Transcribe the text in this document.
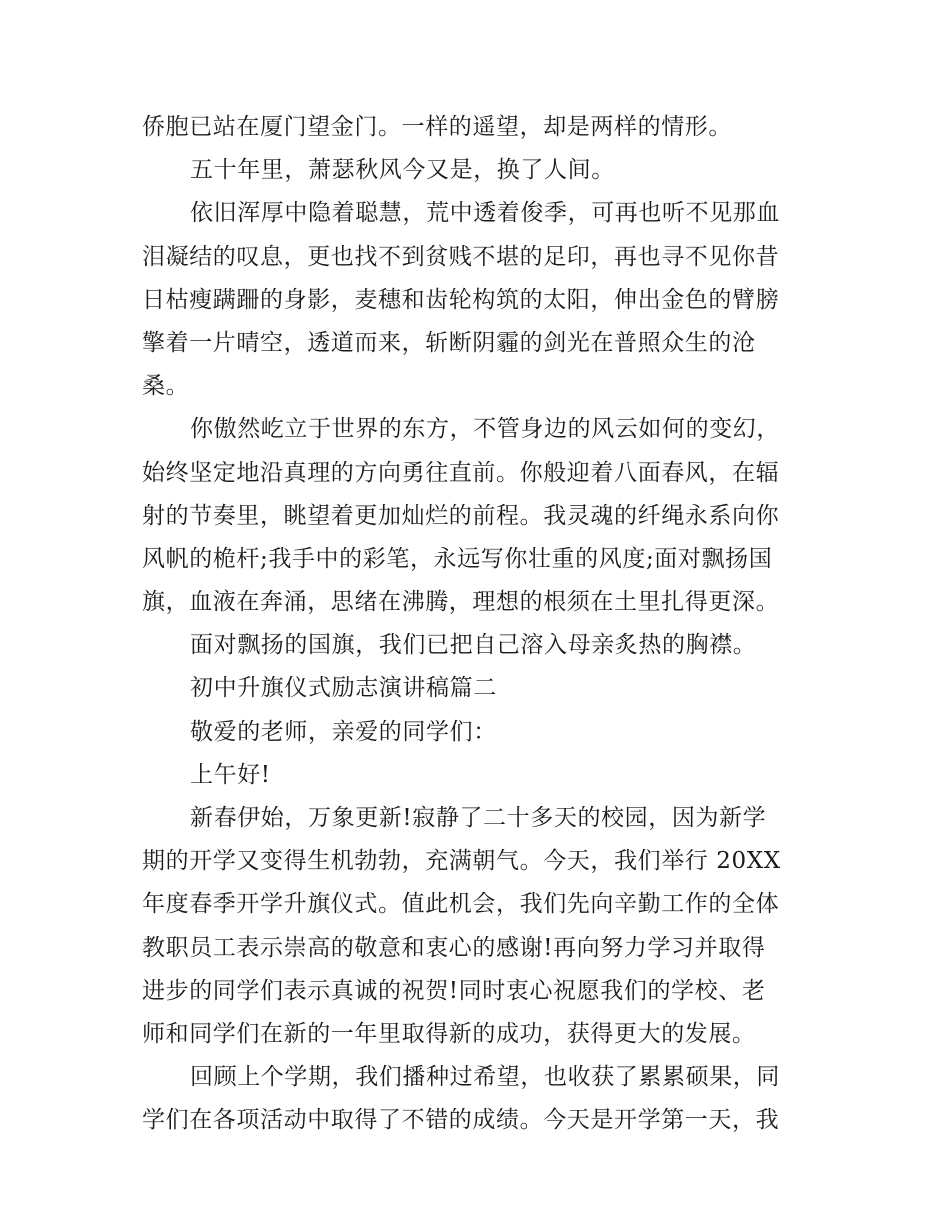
侨胞已站在厦门望金门。一样的遥望，却是两样的情形。
五十年里，萧瑟秋风今又是，换了人间。
依旧浑厚中隐着聪慧，荒中透着俊季，可再也听不见那血
泪凝结的叹息，更也找不到贫贱不堪的足印，再也寻不见你昔
日枯瘦蹒跚的身影，麦穗和齿轮构筑的太阳，伸出金色的臂膀
擎着一片晴空，透道而来，斩断阴霾的剑光在普照众生的沧
桑。
你傲然屹立于世界的东方，不管身边的风云如何的变幻，
始终坚定地沿真理的方向勇往直前。你般迎着八面春风，在辐
射的节奏里，眺望着更加灿烂的前程。我灵魂的纤绳永系向你
风帆的桅杆;我手中的彩笔，永远写你壮重的风度;面对飘扬国
旗，血液在奔涌，思绪在沸腾，理想的根须在土里扎得更深。
面对飘扬的国旗，我们已把自己溶入母亲炙热的胸襟。
初中升旗仪式励志演讲稿篇二
敬爱的老师，亲爱的同学们：
上午好!
新春伊始，万象更新!寂静了二十多天的校园，因为新学
期的开学又变得生机勃勃，充满朝气。今天，我们举行 20XX
年度春季开学升旗仪式。值此机会，我们先向辛勤工作的全体
教职员工表示崇高的敬意和衷心的感谢!再向努力学习并取得
进步的同学们表示真诚的祝贺!同时衷心祝愿我们的学校、老
师和同学们在新的一年里取得新的成功，获得更大的发展。
回顾上个学期，我们播种过希望，也收获了累累硕果，同
学们在各项活动中取得了不错的成绩。今天是开学第一天，我
